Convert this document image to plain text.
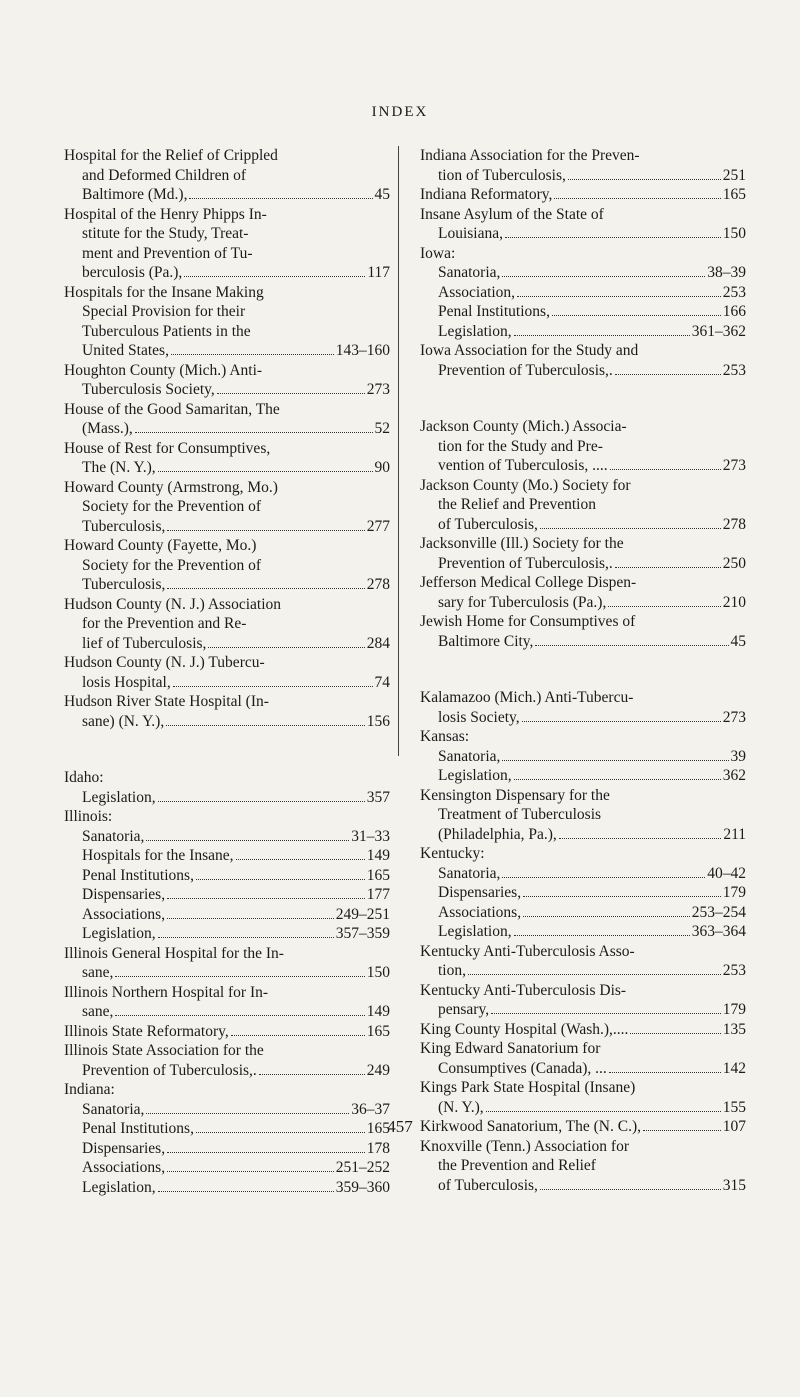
INDEX
Hospital for the Relief of Crippled
and Deformed Children of
Baltimore (Md.),	45
Hospital of the Henry Phipps In-
stitute for the Study, Treat-
ment and Prevention of Tu-
berculosis (Pa.),	117
Hospitals for the Insane Making
Special Provision for their
Tuberculous Patients in the
United States,	143–160
Houghton County (Mich.) Anti-
Tuberculosis Society,	273
House of the Good Samaritan, The
(Mass.),	52
House of Rest for Consumptives,
The (N. Y.),	90
Howard County (Armstrong, Mo.)
Society for the Prevention of
Tuberculosis,	277
Howard County (Fayette, Mo.)
Society for the Prevention of
Tuberculosis,	278
Hudson County (N. J.) Association
for the Prevention and Re-
lief of Tuberculosis,	284
Hudson County (N. J.) Tubercu-
losis Hospital,	74
Hudson River State Hospital (In-
sane) (N. Y.),	156
Idaho:
Legislation,	357
Illinois:
Sanatoria,	31–33
Hospitals for the Insane,	149
Penal Institutions,	165
Dispensaries,	177
Associations,	249–251
Legislation,	357–359
Illinois General Hospital for the In-
sane,	150
Illinois Northern Hospital for In-
sane,	149
Illinois State Reformatory,	165
Illinois State Association for the
Prevention of Tuberculosis,.	249
Indiana:
Sanatoria,	36–37
Penal Institutions,	165
Dispensaries,	178
Associations,	251–252
Legislation,	359–360
Indiana Association for the Preven-
tion of Tuberculosis,	251
Indiana Reformatory,	165
Insane Asylum of the State of
Louisiana,	150
Iowa:
Sanatoria,	38–39
Association,	253
Penal Institutions,	166
Legislation,	361–362
Iowa Association for the Study and
Prevention of Tuberculosis,.	253
Jackson County (Mich.) Associa-
tion for the Study and Pre-
vention of Tuberculosis, ....	273
Jackson County (Mo.) Society for
the Relief and Prevention
of Tuberculosis,	278
Jacksonville (Ill.) Society for the
Prevention of Tuberculosis,.	250
Jefferson Medical College Dispen-
sary for Tuberculosis (Pa.),	210
Jewish Home for Consumptives of
Baltimore City,	45
Kalamazoo (Mich.) Anti-Tubercu-
losis Society,	273
Kansas:
Sanatoria,	39
Legislation,	362
Kensington Dispensary for the
Treatment of Tuberculosis
(Philadelphia, Pa.),	211
Kentucky:
Sanatoria,	40–42
Dispensaries,	179
Associations,	253–254
Legislation,	363–364
Kentucky Anti-Tuberculosis Asso-
tion,	253
Kentucky Anti-Tuberculosis Dis-
pensary,	179
King County Hospital (Wash.),....	135
King Edward Sanatorium for
Consumptives (Canada), ...	142
Kings Park State Hospital (Insane)
(N. Y.),	155
Kirkwood Sanatorium, The (N. C.),	107
Knoxville (Tenn.) Association for
the Prevention and Relief
of Tuberculosis,	315
457
